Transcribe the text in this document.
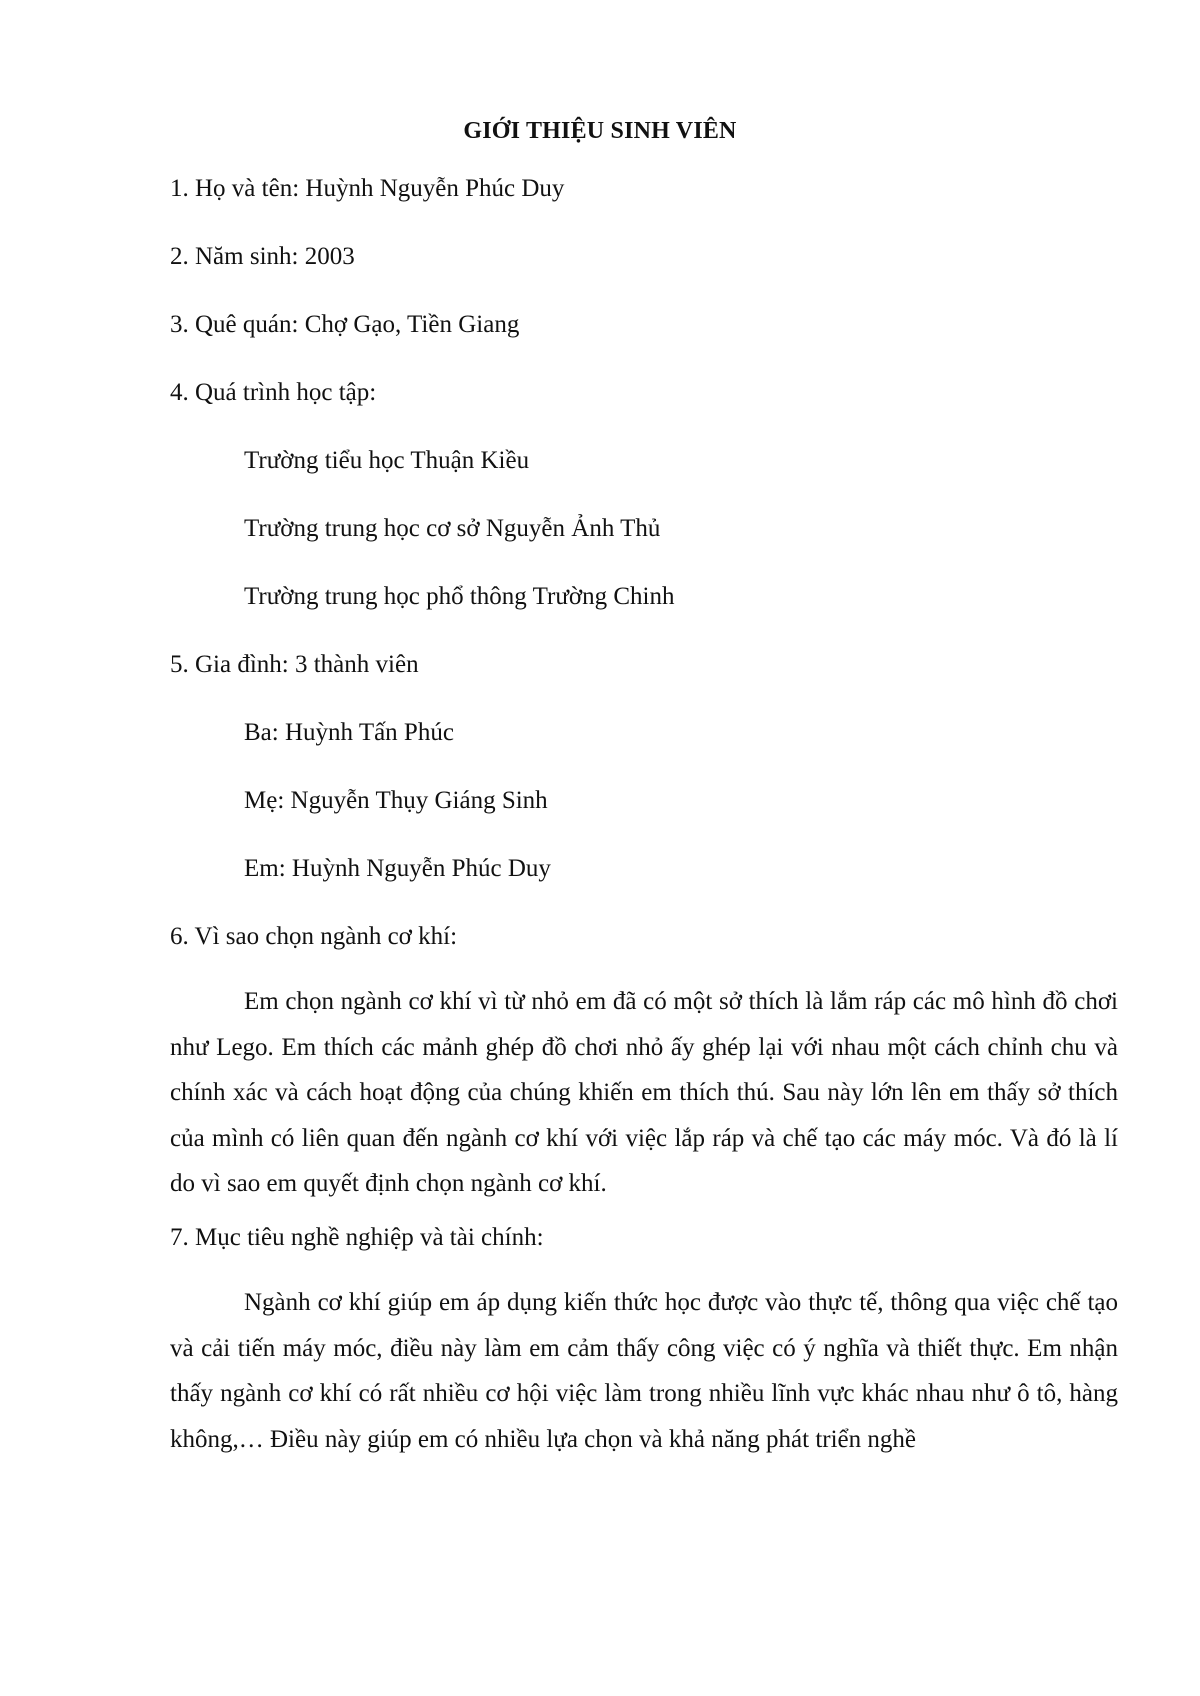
GIỚI THIỆU SINH VIÊN
1. Họ và tên: Huỳnh Nguyễn Phúc Duy
2. Năm sinh: 2003
3. Quê quán: Chợ Gạo, Tiền Giang
4. Quá trình học tập:
Trường tiểu học Thuận Kiều
Trường trung học cơ sở Nguyễn Ảnh Thủ
Trường trung học phổ thông Trường Chinh
5. Gia đình: 3 thành viên
Ba: Huỳnh Tấn Phúc
Mẹ: Nguyễn Thụy Giáng Sinh
Em: Huỳnh Nguyễn Phúc Duy
6. Vì sao chọn ngành cơ khí:

Em chọn ngành cơ khí vì từ nhỏ em đã có một sở thích là lắm ráp các mô hình đồ chơi như Lego. Em thích các mảnh ghép đồ chơi nhỏ ấy ghép lại với nhau một cách chỉnh chu và chính xác và cách hoạt động của chúng khiến em thích thú. Sau này lớn lên em thấy sở thích của mình có liên quan đến ngành cơ khí với việc lắp ráp và chế tạo các máy móc. Và đó là lí do vì sao em quyết định chọn ngành cơ khí.

7. Mục tiêu nghề nghiệp và tài chính:

Ngành cơ khí giúp em áp dụng kiến thức học được vào thực tế, thông qua việc chế tạo và cải tiến máy móc, điều này làm em cảm thấy công việc có ý nghĩa và thiết thực. Em nhận thấy ngành cơ khí có rất nhiều cơ hội việc làm trong nhiều lĩnh vực khác nhau như ô tô, hàng không,… Điều này giúp em có nhiều lựa chọn và khả năng phát triển nghề
